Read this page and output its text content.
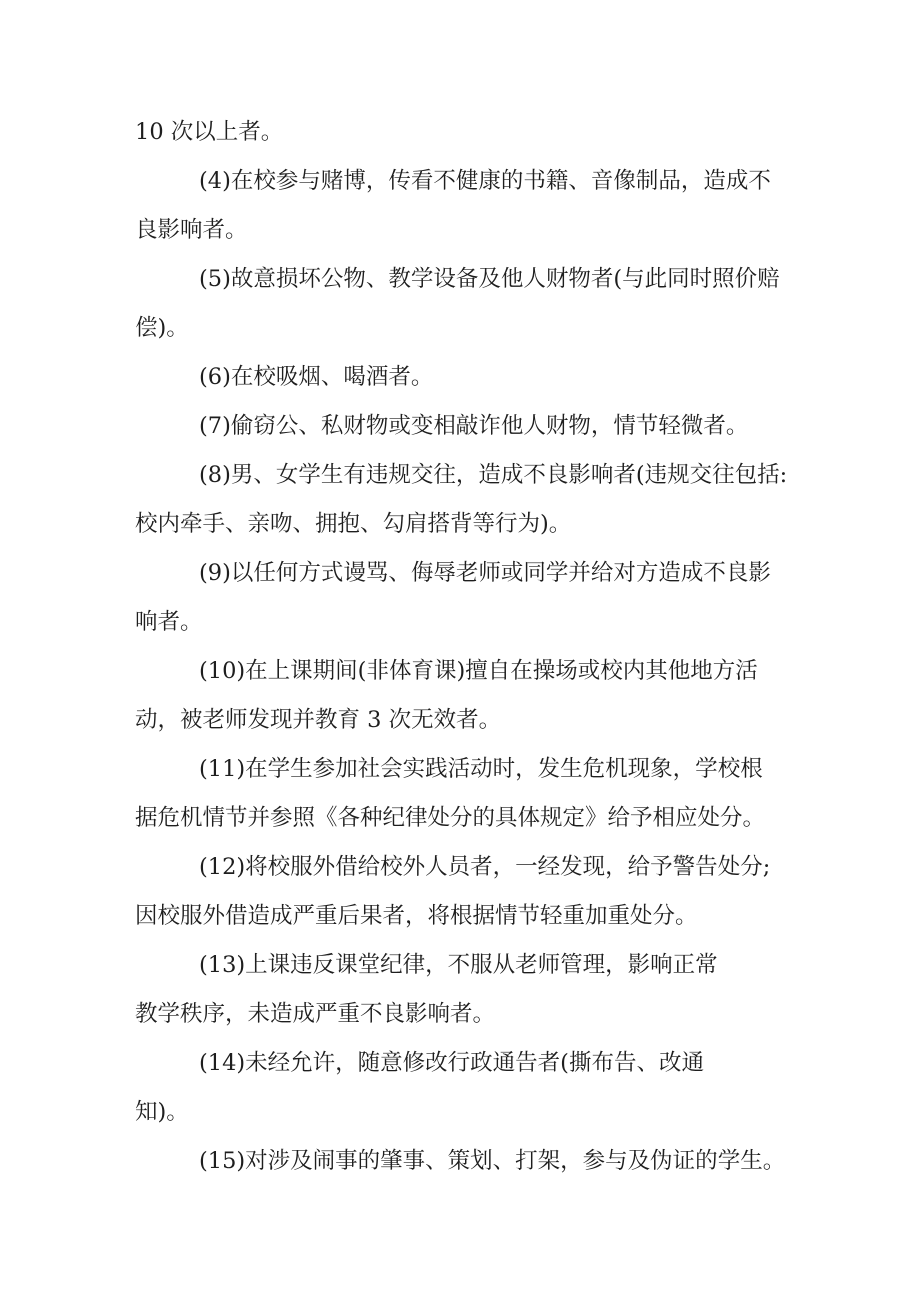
10 次以上者。
(4)在校参与赌博，传看不健康的书籍、音像制品，造成不
良影响者。
(5)故意损坏公物、教学设备及他人财物者(与此同时照价赔
偿)。
(6)在校吸烟、喝酒者。
(7)偷窃公、私财物或变相敲诈他人财物，情节轻微者。
(8)男、女学生有违规交往，造成不良影响者(违规交往包括:
校内牵手、亲吻、拥抱、勾肩搭背等行为)。
(9)以任何方式谩骂、侮辱老师或同学并给对方造成不良影
响者。
(10)在上课期间(非体育课)擅自在操场或校内其他地方活
动，被老师发现并教育 3 次无效者。
(11)在学生参加社会实践活动时，发生危机现象，学校根
据危机情节并参照《各种纪律处分的具体规定》给予相应处分。
(12)将校服外借给校外人员者，一经发现，给予警告处分;
因校服外借造成严重后果者，将根据情节轻重加重处分。
(13)上课违反课堂纪律，不服从老师管理，影响正常
教学秩序，未造成严重不良影响者。
(14)未经允许，随意修改行政通告者(撕布告、改通
知)。
(15)对涉及闹事的肇事、策划、打架，参与及伪证的学生。
